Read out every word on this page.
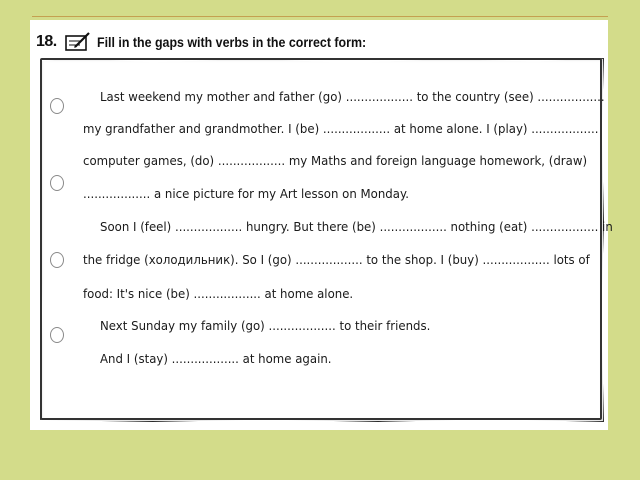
18.	Fill in the gaps with verbs in the correct form:
Last weekend my mother and father (go) .................. to the country (see) ..................
my grandfather and grandmother. I (be) .................. at home alone. I (play) ..................
computer games, (do) .................. my Maths and foreign language homework, (draw)
.................. a nice picture for my Art lesson on Monday.
Soon I (feel) .................. hungry. But there (be) .................. nothing (eat) .................. in
the fridge (холодильник). So I (go) .................. to the shop. I (buy) .................. lots of
food: It's nice (be) .................. at home alone.
Next Sunday my family (go) .................. to their friends.
And I (stay) .................. at home again.
